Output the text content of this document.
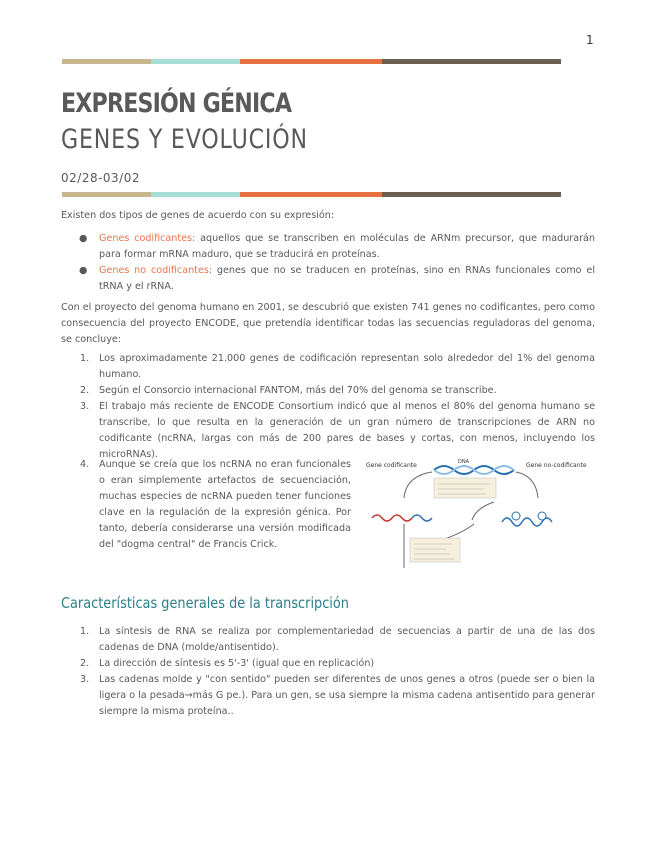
1
EXPRESIÓN GÉNICA
GENES Y EVOLUCIÓN
02/28-03/02
Existen dos tipos de genes de acuerdo con su expresión:
● Genes codificantes: aquellos que se transcriben en moléculas de ARNm precursor, que madurarán para formar mRNA maduro, que se traducirá en proteínas.
● Genes no codificantes: genes que no se traducen en proteínas, sino en RNAs funcionales como el tRNA y el rRNA.
Con el proyecto del genoma humano en 2001, se descubrió que existen 741 genes no codificantes, pero como consecuencia del proyecto ENCODE, que pretendía identificar todas las secuencias reguladoras del genoma, se concluye:
1. Los aproximadamente 21.000 genes de codificación representan solo alrededor del 1% del genoma humano.
2. Según el Consorcio internacional FANTOM, más del 70% del genoma se transcribe.
3. El trabajo más reciente de ENCODE Consortium indicó que al menos el 80% del genoma humano se transcribe, lo que resulta en la generación de un gran número de transcripciones de ARN no codificante (ncRNA, largas con más de 200 pares de bases y cortas, con menos, incluyendo los microRNAs).
4. Aunque se creía que los ncRNA no eran funcionales o eran simplemente artefactos de secuenciación, muchas especies de ncRNA pueden tener funciones clave en la regulación de la expresión génica. Por tanto, debería considerarse una versión modificada del "dogma central" de Francis Crick.
Gene codificante	DNA	Gene no-codificante
Características generales de la transcripción
1. La síntesis de RNA se realiza por complementariedad de secuencias a partir de una de las dos cadenas de DNA (molde/antisentido).
2. La dirección de síntesis es 5'-3' (igual que en replicación)
3. Las cadenas molde y "con sentido" pueden ser diferentes de unos genes a otros (puede ser o bien la ligera o la pesada→más G pe.). Para un gen, se usa siempre la misma cadena antisentido para generar siempre la misma proteína..
